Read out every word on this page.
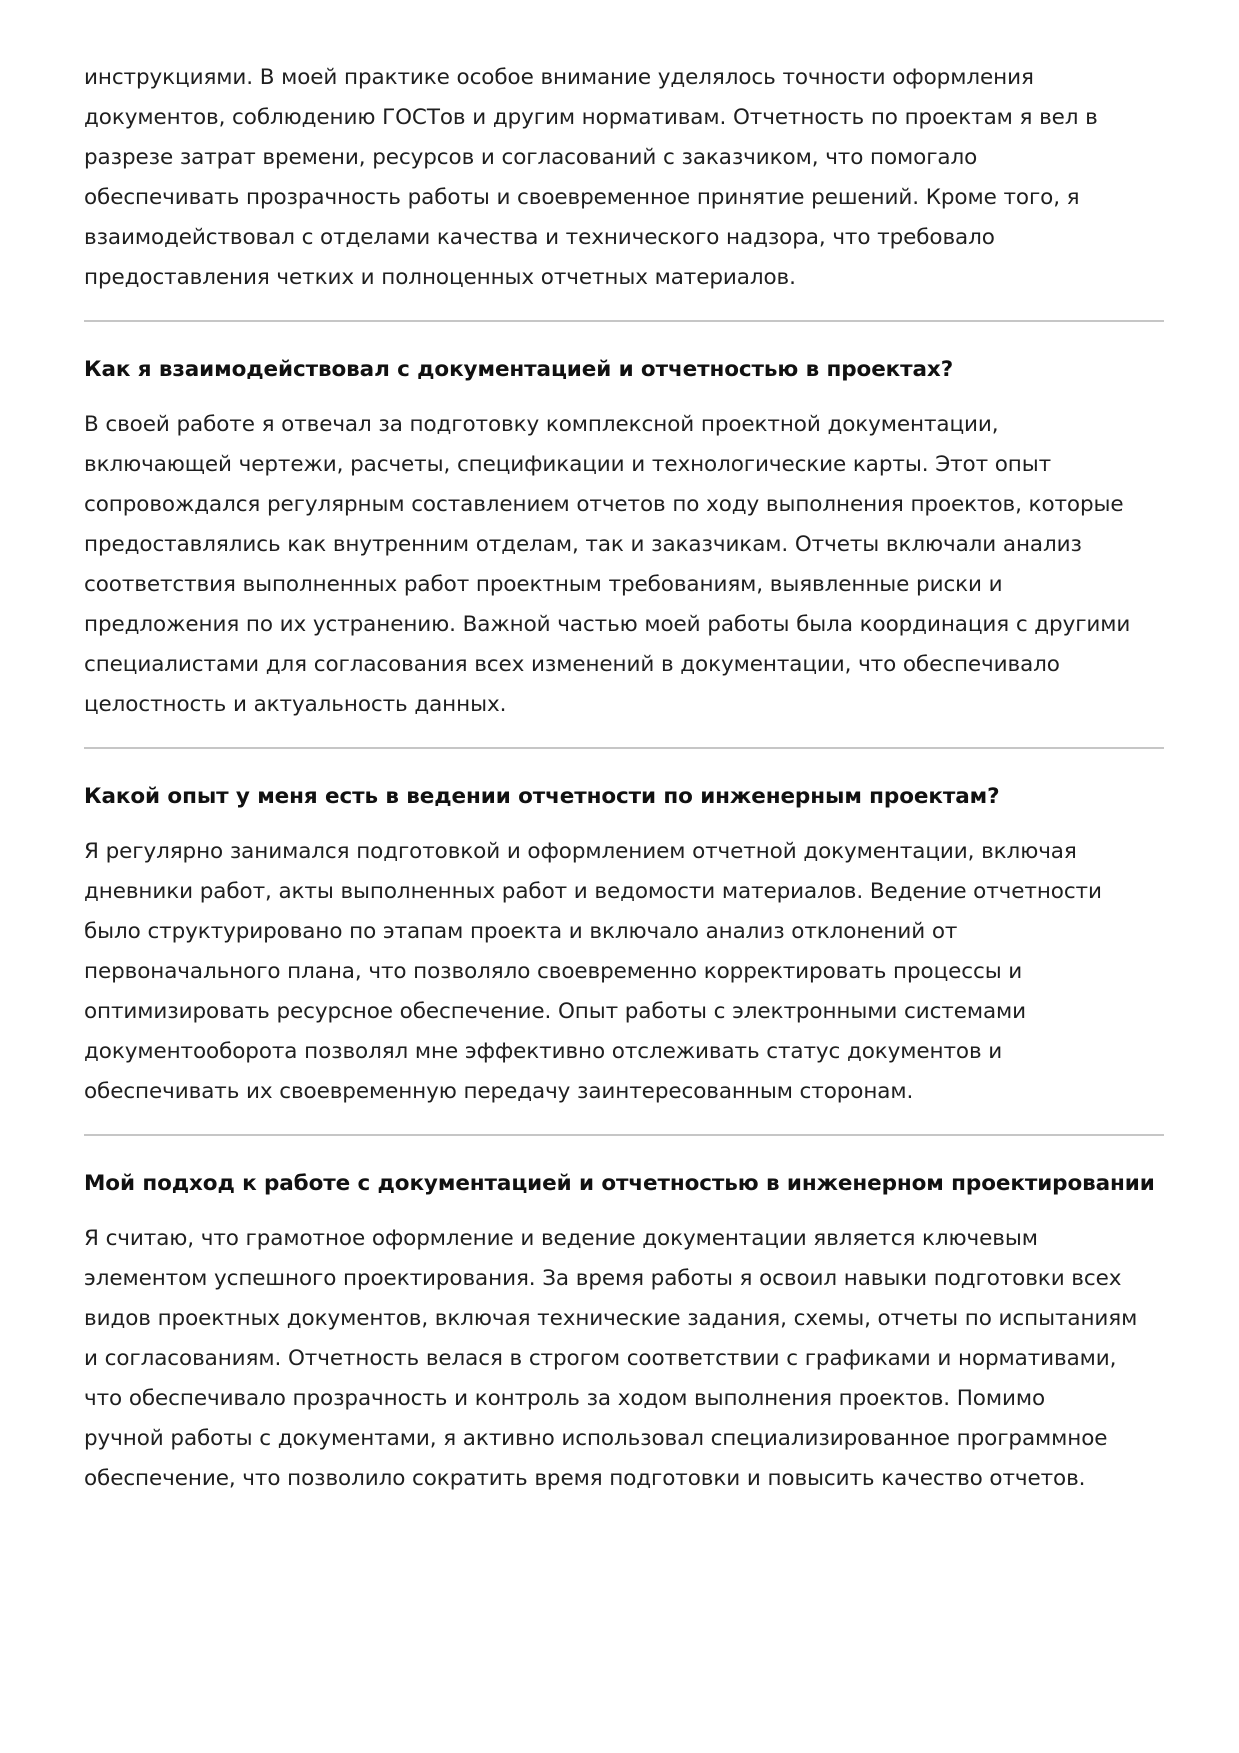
инструкциями. В моей практике особое внимание уделялось точности оформления
документов, соблюдению ГОСТов и другим нормативам. Отчетность по проектам я вел в
разрезе затрат времени, ресурсов и согласований с заказчиком, что помогало
обеспечивать прозрачность работы и своевременное принятие решений. Кроме того, я
взаимодействовал с отделами качества и технического надзора, что требовало
предоставления четких и полноценных отчетных материалов.

Как я взаимодействовал с документацией и отчетностью в проектах?

В своей работе я отвечал за подготовку комплексной проектной документации,
включающей чертежи, расчеты, спецификации и технологические карты. Этот опыт
сопровождался регулярным составлением отчетов по ходу выполнения проектов, которые
предоставлялись как внутренним отделам, так и заказчикам. Отчеты включали анализ
соответствия выполненных работ проектным требованиям, выявленные риски и
предложения по их устранению. Важной частью моей работы была координация с другими
специалистами для согласования всех изменений в документации, что обеспечивало
целостность и актуальность данных.

Какой опыт у меня есть в ведении отчетности по инженерным проектам?

Я регулярно занимался подготовкой и оформлением отчетной документации, включая
дневники работ, акты выполненных работ и ведомости материалов. Ведение отчетности
было структурировано по этапам проекта и включало анализ отклонений от
первоначального плана, что позволяло своевременно корректировать процессы и
оптимизировать ресурсное обеспечение. Опыт работы с электронными системами
документооборота позволял мне эффективно отслеживать статус документов и
обеспечивать их своевременную передачу заинтересованным сторонам.

Мой подход к работе с документацией и отчетностью в инженерном проектировании

Я считаю, что грамотное оформление и ведение документации является ключевым
элементом успешного проектирования. За время работы я освоил навыки подготовки всех
видов проектных документов, включая технические задания, схемы, отчеты по испытаниям
и согласованиям. Отчетность велася в строгом соответствии с графиками и нормативами,
что обеспечивало прозрачность и контроль за ходом выполнения проектов. Помимо
ручной работы с документами, я активно использовал специализированное программное
обеспечение, что позволило сократить время подготовки и повысить качество отчетов.
